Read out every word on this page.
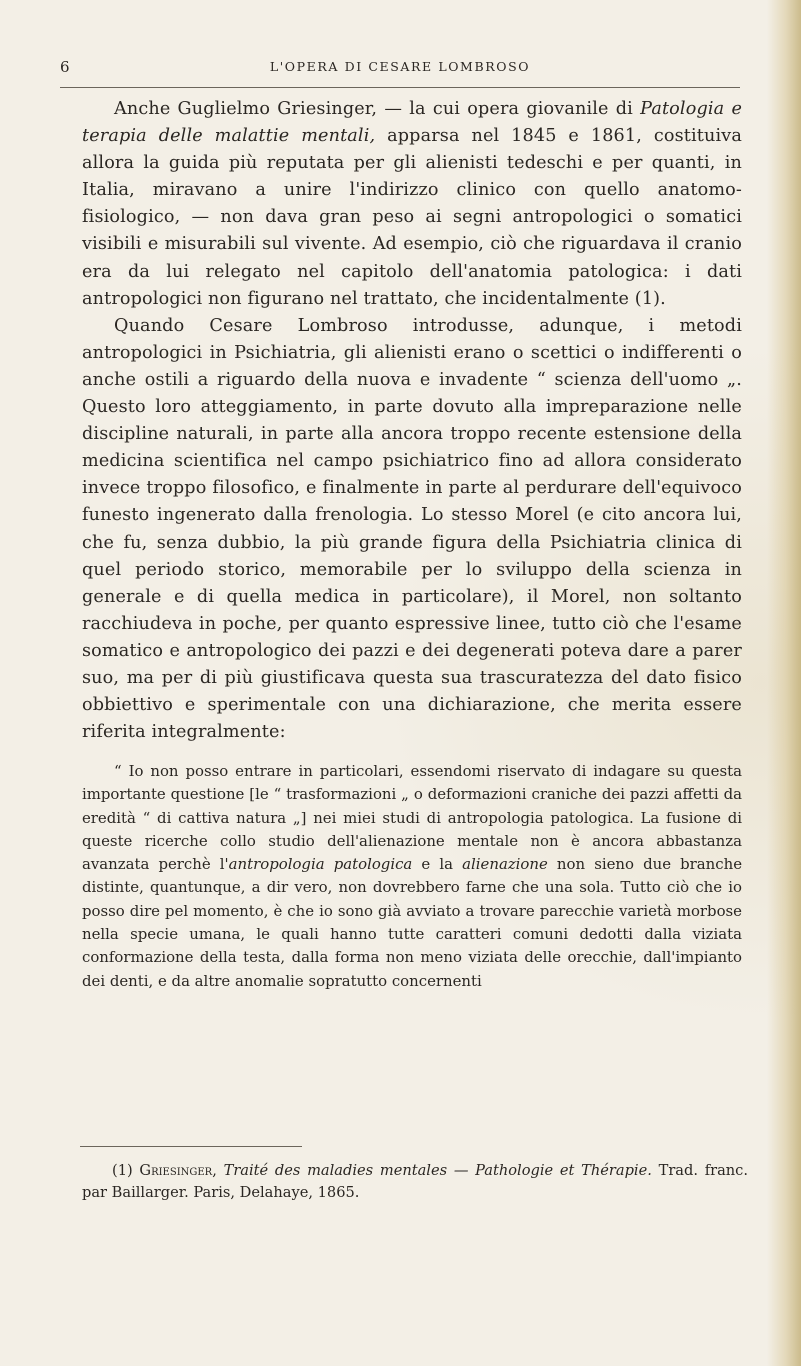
6	L'OPERA DI CESARE LOMBROSO

Anche Guglielmo Griesinger, — la cui opera giovanile di Patologia e terapia delle malattie mentali, apparsa nel 1845 e 1861, costituiva allora la guida più reputata per gli alienisti tedeschi e per quanti, in Italia, miravano a unire l'indirizzo clinico con quello anatomo-fisiologico, — non dava gran peso ai segni antropologici o somatici visibili e misurabili sul vivente. Ad esempio, ciò che riguardava il cranio era da lui relegato nel capitolo dell'anatomia patologica: i dati antropologici non figurano nel trattato, che incidentalmente (1).

Quando Cesare Lombroso introdusse, adunque, i metodi antropologici in Psichiatria, gli alienisti erano o scettici o indifferenti o anche ostili a riguardo della nuova e invadente “ scienza dell'uomo „. Questo loro atteggiamento, in parte dovuto alla impreparazione nelle discipline naturali, in parte alla ancora troppo recente estensione della medicina scientifica nel campo psichiatrico fino ad allora considerato invece troppo filosofico, e finalmente in parte al perdurare dell'equivoco funesto ingenerato dalla frenologia. Lo stesso Morel (e cito ancora lui, che fu, senza dubbio, la più grande figura della Psichiatria clinica di quel periodo storico, memorabile per lo sviluppo della scienza in generale e di quella medica in particolare), il Morel, non soltanto racchiudeva in poche, per quanto espressive linee, tutto ciò che l'esame somatico e antropologico dei pazzi e dei degenerati poteva dare a parer suo, ma per di più giustificava questa sua trascuratezza del dato fisico obbiettivo e sperimentale con una dichiarazione, che merita essere riferita integralmente:

“ Io non posso entrare in particolari, essendomi riservato di indagare su questa importante questione [le “ trasformazioni „ o deformazioni craniche dei pazzi affetti da eredità “ di cattiva natura „] nei miei studi di antropologia patologica. La fusione di queste ricerche collo studio dell'alienazione mentale non è ancora abbastanza avanzata perchè l'antropologia patologica e la alienazione non sieno due branche distinte, quantunque, a dir vero, non dovrebbero farne che una sola. Tutto ciò che io posso dire pel momento, è che io sono già avviato a trovare parecchie varietà morbose nella specie umana, le quali hanno tutte caratteri comuni dedotti dalla viziata conformazione della testa, dalla forma non meno viziata delle orecchie, dall'impianto dei denti, e da altre anomalie sopratutto concernenti

(1) Griesinger, Traité des maladies mentales — Pathologie et Thérapie. Trad. franc. par Baillarger. Paris, Delahaye, 1865.
